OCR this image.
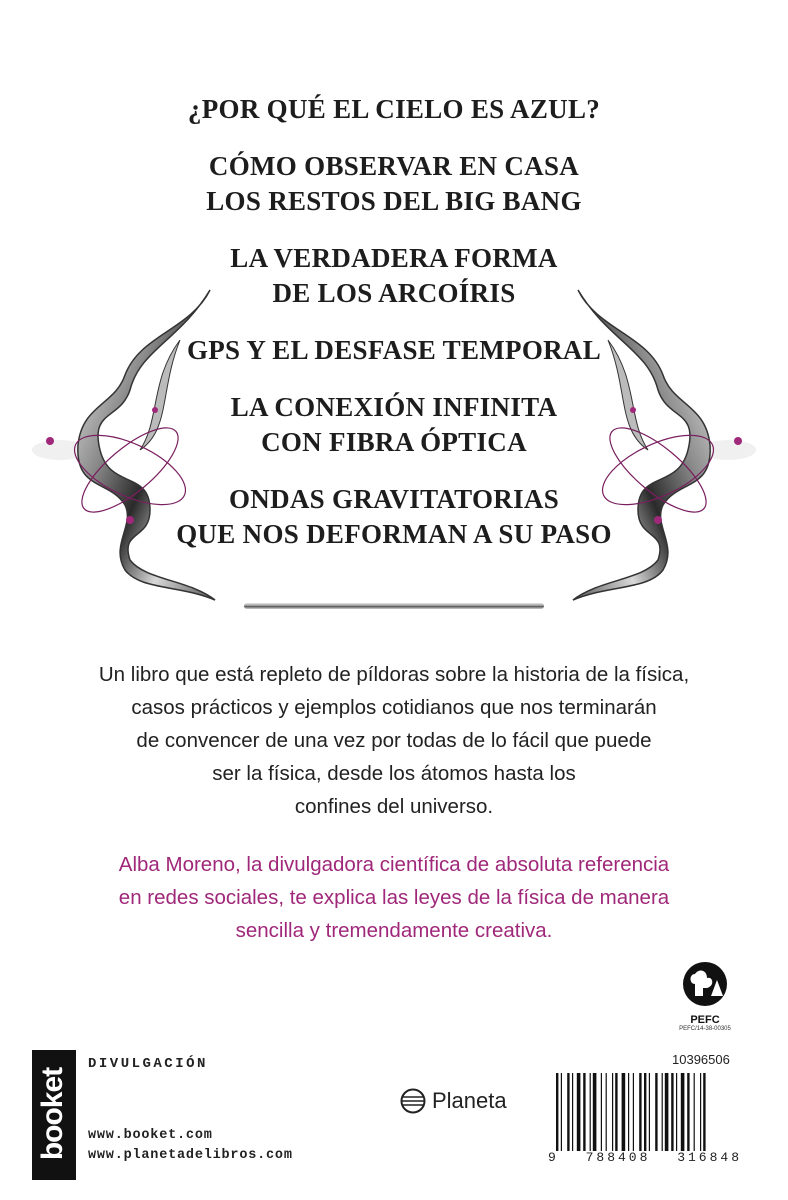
¿POR QUÉ EL CIELO ES AZUL?
CÓMO OBSERVAR EN CASA
LOS RESTOS DEL BIG BANG
LA VERDADERA FORMA
DE LOS ARCOÍRIS
GPS Y EL DESFASE TEMPORAL
LA CONEXIÓN INFINITA
CON FIBRA ÓPTICA
ONDAS GRAVITATORIAS
QUE NOS DEFORMAN A SU PASO
Un libro que está repleto de píldoras sobre la historia de la física,
casos prácticos y ejemplos cotidianos que nos terminarán
de convencer de una vez por todas de lo fácil que puede
ser la física, desde los átomos hasta los
confines del universo.
Alba Moreno, la divulgadora científica de absoluta referencia
en redes sociales, te explica las leyes de la física de manera
sencilla y tremendamente creativa.
booket
DIVULGACIÓN
www.booket.com
www.planetadelibros.com
Planeta
PEFC
PEFC/14-38-00305
10396506
9 788408 316848
